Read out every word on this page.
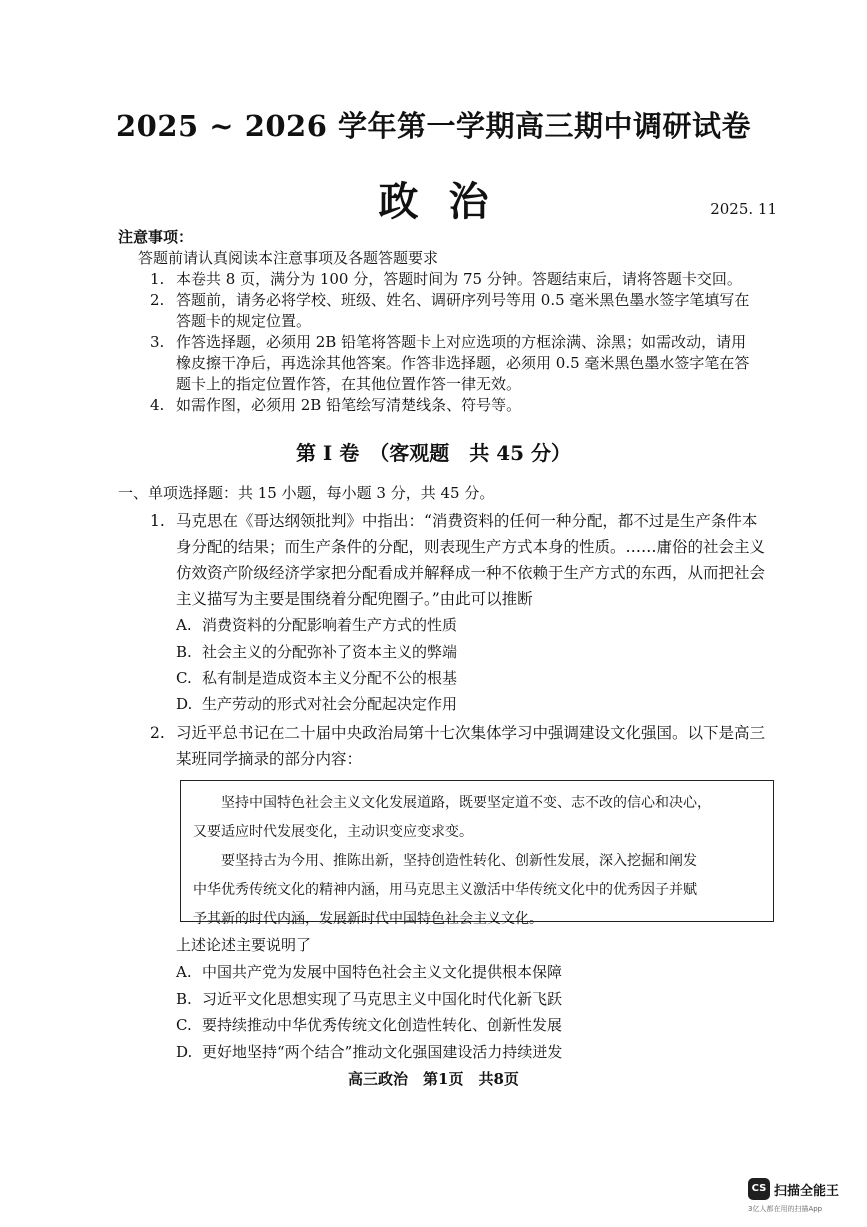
2025 ~ 2026 学年第一学期高三期中调研试卷
政治	2025. 11
注意事项：
答题前请认真阅读本注意事项及各题答题要求
1. 本卷共 8 页，满分为 100 分，答题时间为 75 分钟。答题结束后，请将答题卡交回。
2. 答题前，请务必将学校、班级、姓名、调研序列号等用 0.5 毫米黑色墨水签字笔填写在
答题卡的规定位置。
3. 作答选择题，必须用 2B 铅笔将答题卡上对应选项的方框涂满、涂黑；如需改动，请用
橡皮擦干净后，再选涂其他答案。作答非选择题，必须用 0.5 毫米黑色墨水签字笔在答
题卡上的指定位置作答，在其他位置作答一律无效。
4. 如需作图，必须用 2B 铅笔绘写清楚线条、符号等。
第 I 卷　（客观题　共 45 分）
一、单项选择题：共 15 小题，每小题 3 分，共 45 分。
1. 马克思在《哥达纲领批判》中指出：“消费资料的任何一种分配，都不过是生产条件本
身分配的结果；而生产条件的分配，则表现生产方式本身的性质。……庸俗的社会主义
仿效资产阶级经济学家把分配看成并解释成一种不依赖于生产方式的东西，从而把社会
主义描写为主要是围绕着分配兜圈子。”由此可以推断
A. 消费资料的分配影响着生产方式的性质
B. 社会主义的分配弥补了资本主义的弊端
C. 私有制是造成资本主义分配不公的根基
D. 生产劳动的形式对社会分配起决定作用
2. 习近平总书记在二十届中央政治局第十七次集体学习中强调建设文化强国。以下是高三
某班同学摘录的部分内容：

　　坚持中国特色社会主义文化发展道路，既要坚定道不变、志不改的信心和决心，

又要适应时代发展变化，主动识变应变求变。

　　要坚持古为今用、推陈出新，坚持创造性转化、创新性发展，深入挖掘和阐发

中华优秀传统文化的精神内涵，用马克思主义激活中华传统文化中的优秀因子并赋

予其新的时代内涵，发展新时代中国特色社会主义文化。

上述论述主要说明了
A. 中国共产党为发展中国特色社会主义文化提供根本保障
B. 习近平文化思想实现了马克思主义中国化时代化新飞跃
C. 要持续推动中华优秀传统文化创造性转化、创新性发展
D. 更好地坚持“两个结合”推动文化强国建设活力持续迸发
高三政治　第1页　共8页
CS 扫描全能王
3亿人都在用的扫描App
